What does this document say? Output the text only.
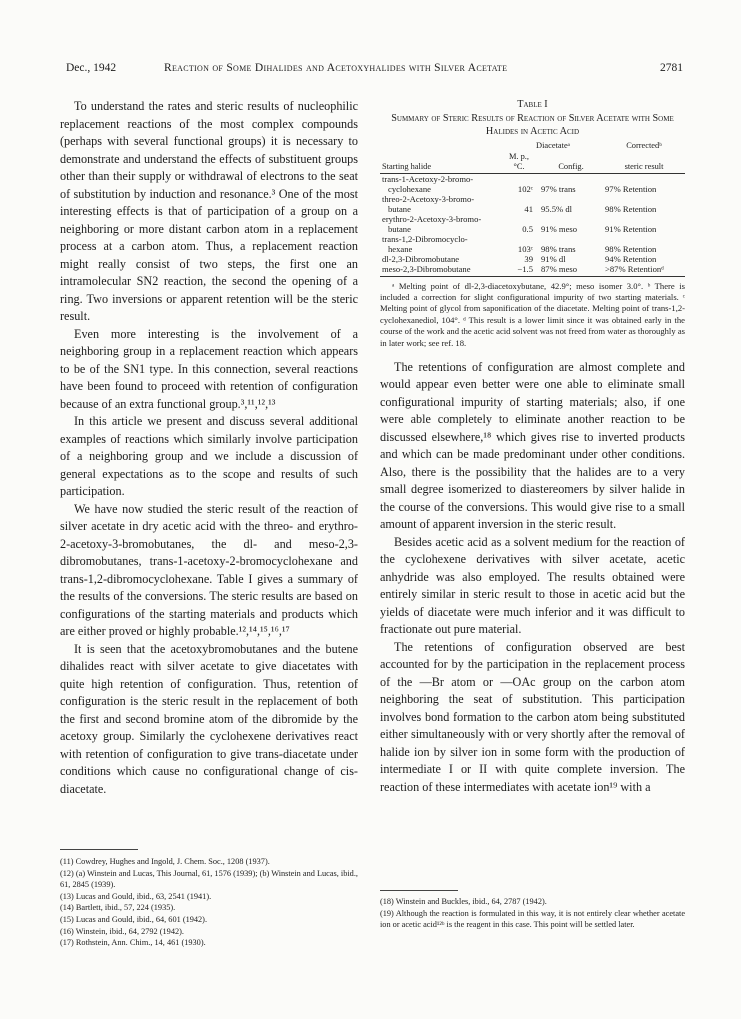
Dec., 1942	Reaction of Some Dihalides and Acetoxyhalides with Silver Acetate	2781

To understand the rates and steric results of nucleophilic replacement reactions of the most complex compounds (perhaps with several functional groups) it is necessary to demonstrate and understand the effects of substituent groups other than their supply or withdrawal of electrons to the seat of substitution by induction and resonance.³ One of the most interesting effects is that of participation of a group on a neighboring or more distant carbon atom in a replacement process at a carbon atom. Thus, a replacement reaction might really consist of two steps, the first one an intramolecular SN2 reaction, the second the opening of a ring. Two inversions or apparent retention will be the steric result.

Even more interesting is the involvement of a neighboring group in a replacement reaction which appears to be of the SN1 type. In this connection, several reactions have been found to proceed with retention of configuration because of an extra functional group.³,¹¹,¹²,¹³

In this article we present and discuss several additional examples of reactions which similarly involve participation of a neighboring group and we include a discussion of general expectations as to the scope and results of such participation.

We have now studied the steric result of the reaction of silver acetate in dry acetic acid with the threo- and erythro-2-acetoxy-3-bromobutanes, the dl- and meso-2,3-dibromobutanes, trans-1-acetoxy-2-bromocyclohexane and trans-1,2-dibromocyclohexane. Table I gives a summary of the results of the conversions. The steric results are based on configurations of the starting materials and products which are either proved or highly probable.¹²,¹⁴,¹⁵,¹⁶,¹⁷

It is seen that the acetoxybromobutanes and the butene dihalides react with silver acetate to give diacetates with quite high retention of configuration. Thus, retention of configuration is the steric result in the replacement of both the first and second bromine atom of the dibromide by the acetoxy group. Similarly the cyclohexene derivatives react with retention of configuration to give trans-diacetate under conditions which cause no configurational change of cis-diacetate.

(11) Cowdrey, Hughes and Ingold, J. Chem. Soc., 1208 (1937).

(12) (a) Winstein and Lucas, This Journal, 61, 1576 (1939); (b) Winstein and Lucas, ibid., 61, 2845 (1939).

(13) Lucas and Gould, ibid., 63, 2541 (1941).

(14) Bartlett, ibid., 57, 224 (1935).

(15) Lucas and Gould, ibid., 64, 601 (1942).

(16) Winstein, ibid., 64, 2792 (1942).

(17) Rothstein, Ann. Chim., 14, 461 (1930).

Table I
Summary of Steric Results of Reaction of Silver Acetate with Some Halides in Acetic Acid
Starting halide	Diacetateᵃ		Correctedᵇ
	M. p., °C.	Config.	steric result
trans-1-Acetoxy-2-bromo-			
cyclohexane	102ᶜ	97% trans	97% Retention
threo-2-Acetoxy-3-bromo-			
butane	41	95.5% dl	98% Retention
erythro-2-Acetoxy-3-bromo-			
butane	0.5	91% meso	91% Retention
trans-1,2-Dibromocyclo-			
hexane	103ᶜ	98% trans	98% Retention
dl-2,3-Dibromobutane	39	91% dl	94% Retention
meso-2,3-Dibromobutane	−1.5	87% meso	>87% Retentionᵈ

ᵃ Melting point of dl-2,3-diacetoxybutane, 42.9°; meso isomer 3.0°. ᵇ There is included a correction for slight configurational impurity of two starting materials. ᶜ Melting point of glycol from saponification of the diacetate. Melting point of trans-1,2-cyclohexanediol, 104°. ᵈ This result is a lower limit since it was obtained early in the course of the work and the acetic acid solvent was not freed from water as thoroughly as in later work; see ref. 18.

The retentions of configuration are almost complete and would appear even better were one able to eliminate small configurational impurity of starting materials; also, if one were able completely to eliminate another reaction to be discussed elsewhere,¹⁸ which gives rise to inverted products and which can be made predominant under other conditions. Also, there is the possibility that the halides are to a very small degree isomerized to diastereomers by silver halide in the course of the conversions. This would give rise to a small amount of apparent inversion in the steric result.

Besides acetic acid as a solvent medium for the reaction of the cyclohexene derivatives with silver acetate, acetic anhydride was also employed. The results obtained were entirely similar in steric result to those in acetic acid but the yields of diacetate were much inferior and it was difficult to fractionate out pure material.

The retentions of configuration observed are best accounted for by the participation in the replacement process of the —Br atom or —OAc group on the carbon atom neighboring the seat of substitution. This participation involves bond formation to the carbon atom being substituted either simultaneously with or very shortly after the removal of halide ion by silver ion in some form with the production of intermediate I or II with quite complete inversion. The reaction of these intermediates with acetate ion¹⁹ with a

(18) Winstein and Buckles, ibid., 64, 2787 (1942).

(19) Although the reaction is formulated in this way, it is not entirely clear whether acetate ion or acetic acid¹²ᵇ is the reagent in this case. This point will be settled later.
